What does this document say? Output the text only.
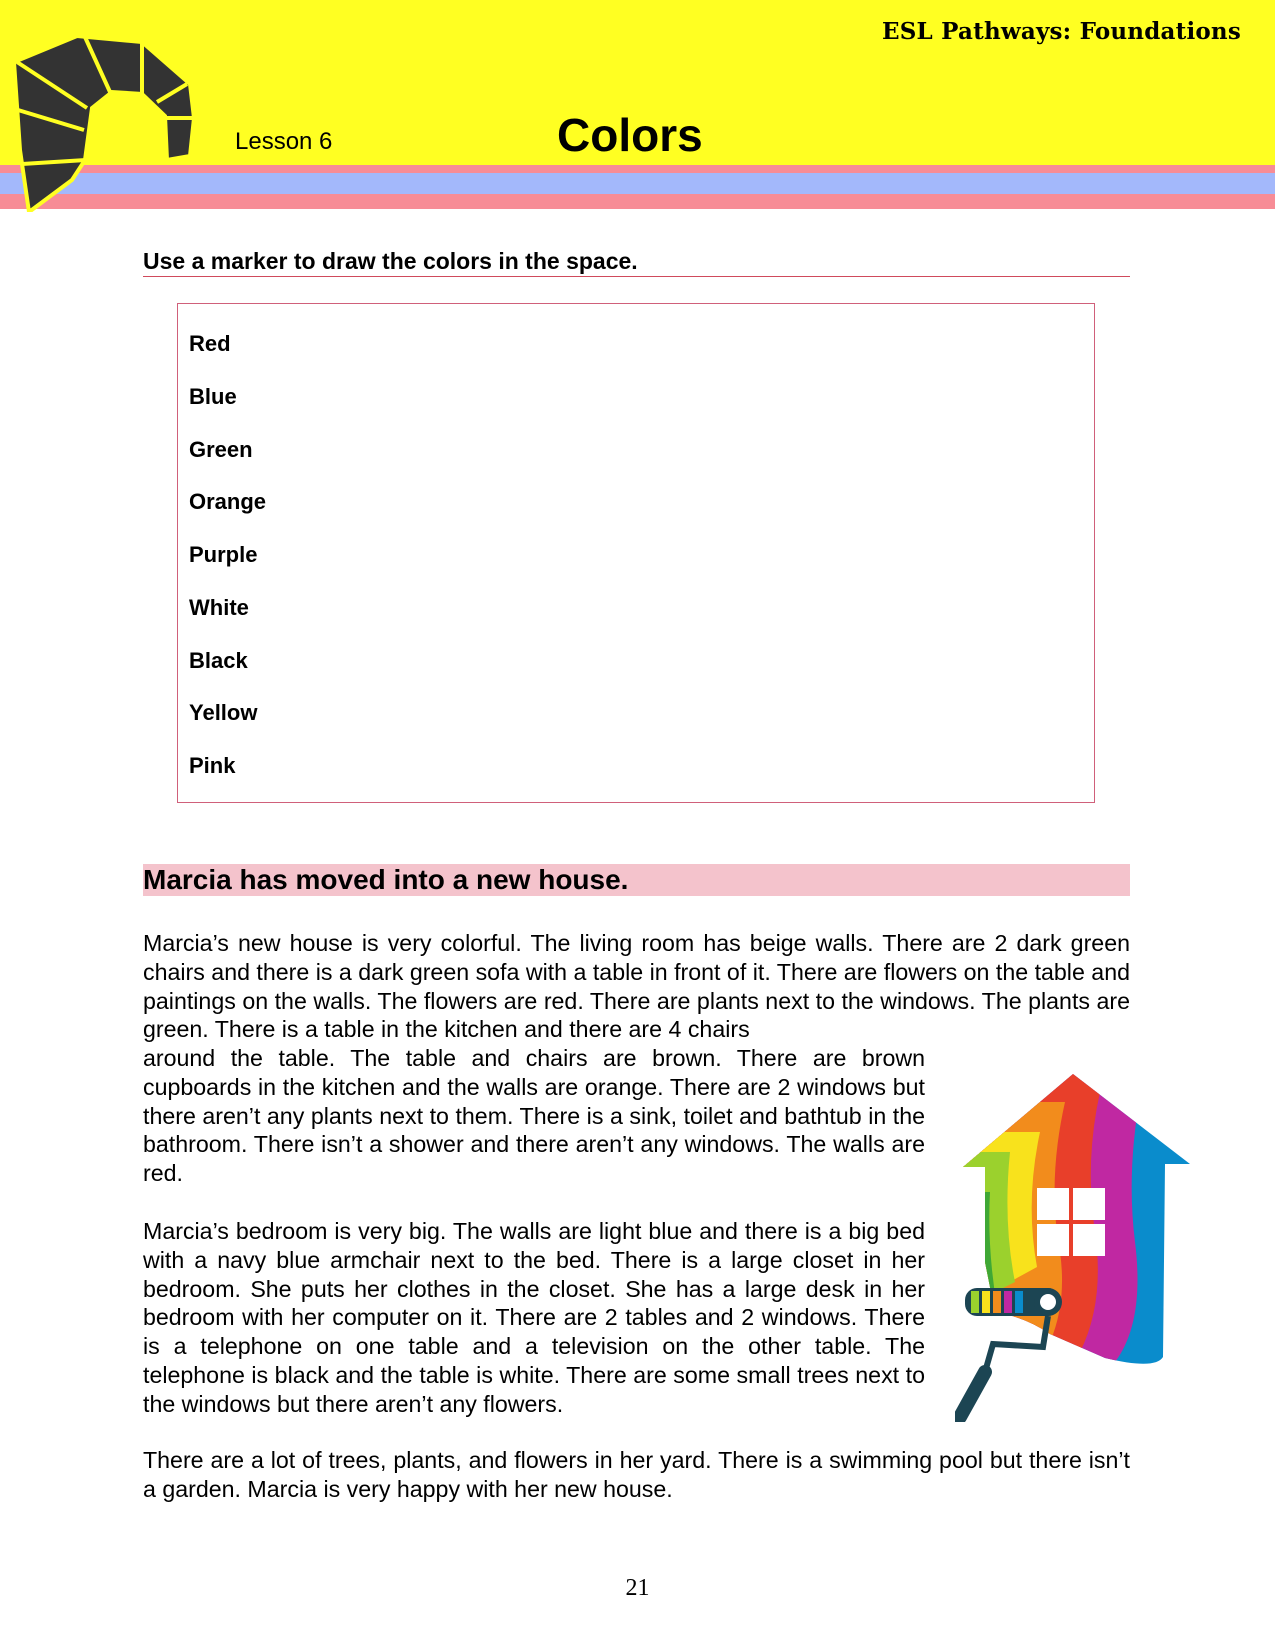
ESL Pathways: Foundations
Lesson 6	Colors
Use a marker to draw the colors in the space.
Red
Blue
Green
Orange
Purple
White
Black
Yellow
Pink
Marcia has moved into a new house.
Marcia’s new house is very colorful. The living room has beige walls. There are 2 dark green chairs and there is a dark green sofa with a table in front of it. There are flowers on the table and paintings on the walls. The flowers are red. There are plants next to the windows. The plants are green. There is a table in the kitchen and there are 4 chairs
around the table. The table and chairs are brown. There are brown cupboards in the kitchen and the walls are orange. There are 2 windows but there aren’t any plants next to them. There is a sink, toilet and bathtub in the bathroom. There isn’t a shower and there aren’t any windows. The walls are red.
Marcia’s bedroom is very big. The walls are light blue and there is a big bed with a navy blue armchair next to the bed. There is a large closet in her bedroom. She puts her clothes in the closet. She has a large desk in her bedroom with her computer on it. There are 2 tables and 2 windows. There is a telephone on one table and a television on the other table. The telephone is black and the table is white. There are some small trees next to the windows but there aren’t any flowers.
There are a lot of trees, plants, and flowers in her yard. There is a swimming pool but there isn’t a garden. Marcia is very happy with her new house.
21
